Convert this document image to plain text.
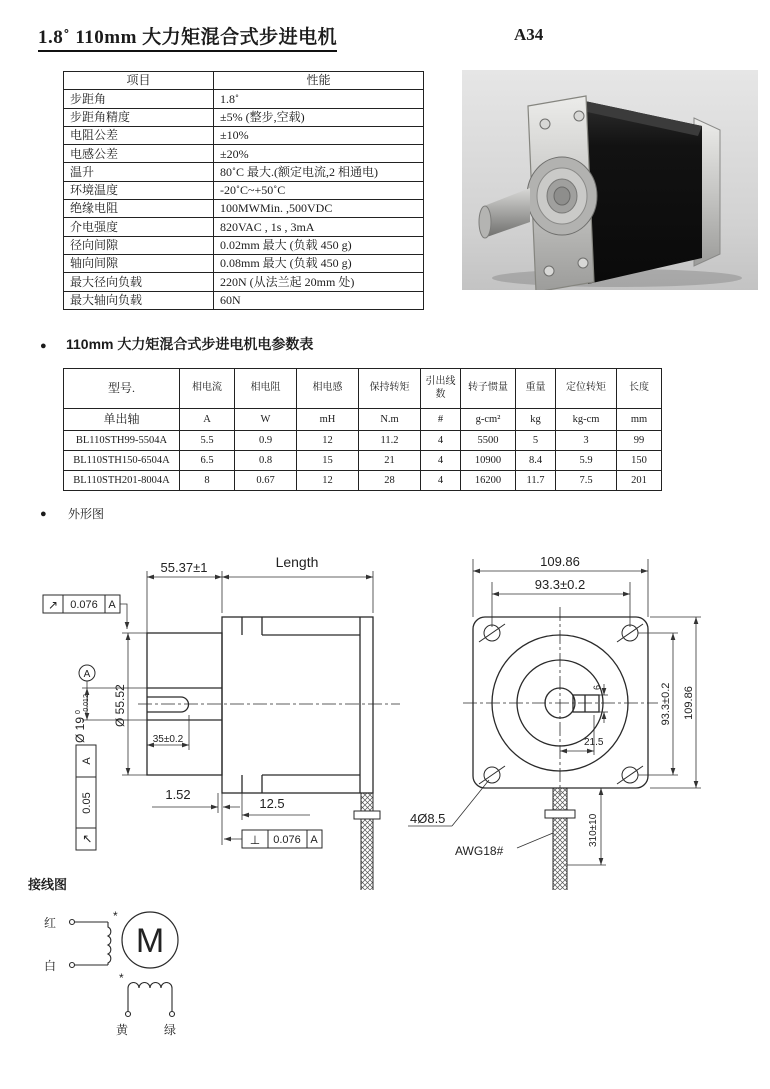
1.8˚ 110mm 大力矩混合式步进电机	A34
项目	性能
步距角	1.8˚
步距角精度	±5% (整步,空载)
电阻公差	±10%
电感公差	±20%
温升	80˚C 最大.(额定电流,2 相通电)
环境温度	-20˚C~+50˚C
绝缘电阻	100MWMin. ,500VDC
介电强度	820VAC , 1s , 3mA
径向间隙	0.02mm 最大 (负载 450 g)
轴向间隙	0.08mm 最大 (负载 450 g)
最大径向负载	220N (从法兰起 20mm 处)
最大轴向负载	60N
● 110mm 大力矩混合式步进电机电参数表
型号.	相电流	相电阻	相电感	保持转矩	引出线数	转子惯量	重量	定位转矩	长度
单出轴	A	W	mH	N.m	#	g-cm²	kg	kg-cm	mm
BL110STH99-5504A	5.5	0.9	12	11.2	4	5500	5	3	99
BL110STH150-6504A	6.5	0.8	15	21	4	10900	8.4	5.9	150
BL110STH201-8004A	8	0.67	12	28	4	16200	11.7	7.5	201
● 外形图
↗ 0.076 A
A
A
0.05
↗	⊥ 0.076 A
55.37±1	Length
Ø 19
0 -0.012 Ø 55.52
35±0.2
1.52
12.5
109.86
93.3±0.2
93.3±0.2 109.86
6
21.5
4Ø8.5	310±10
AWG18#
接线图
M
红
白
黄	绿
*
*
